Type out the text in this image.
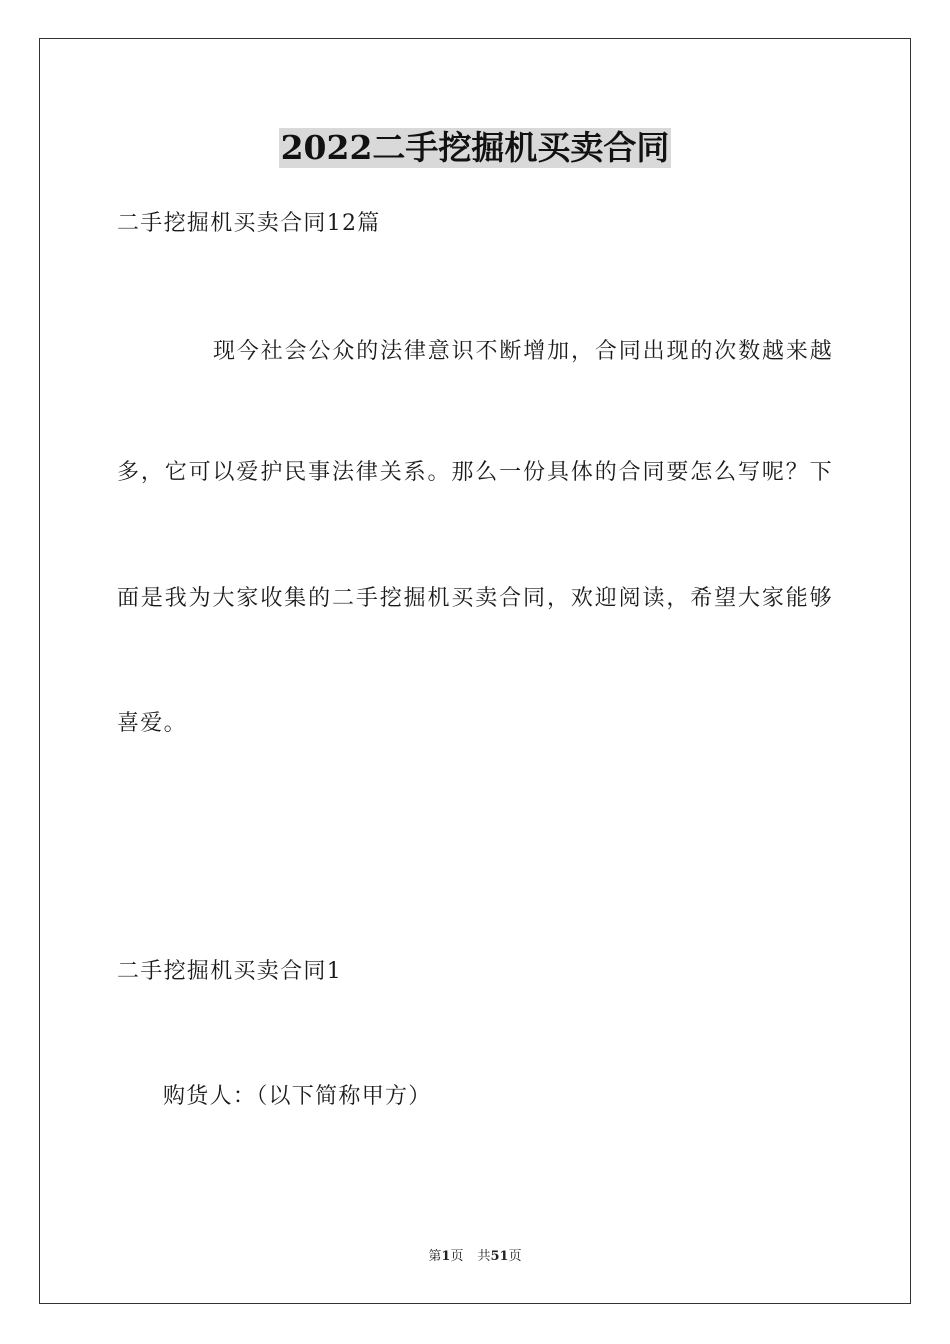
2022二手挖掘机买卖合同
二手挖掘机买卖合同12篇
现今社会公众的法律意识不断增加，合同出现的次数越来越
多，它可以爱护民事法律关系。那么一份具体的合同要怎么写呢？下
面是我为大家收集的二手挖掘机买卖合同，欢迎阅读，希望大家能够
喜爱。
二手挖掘机买卖合同1
购货人：（以下简称甲方）
第1页 共51页
